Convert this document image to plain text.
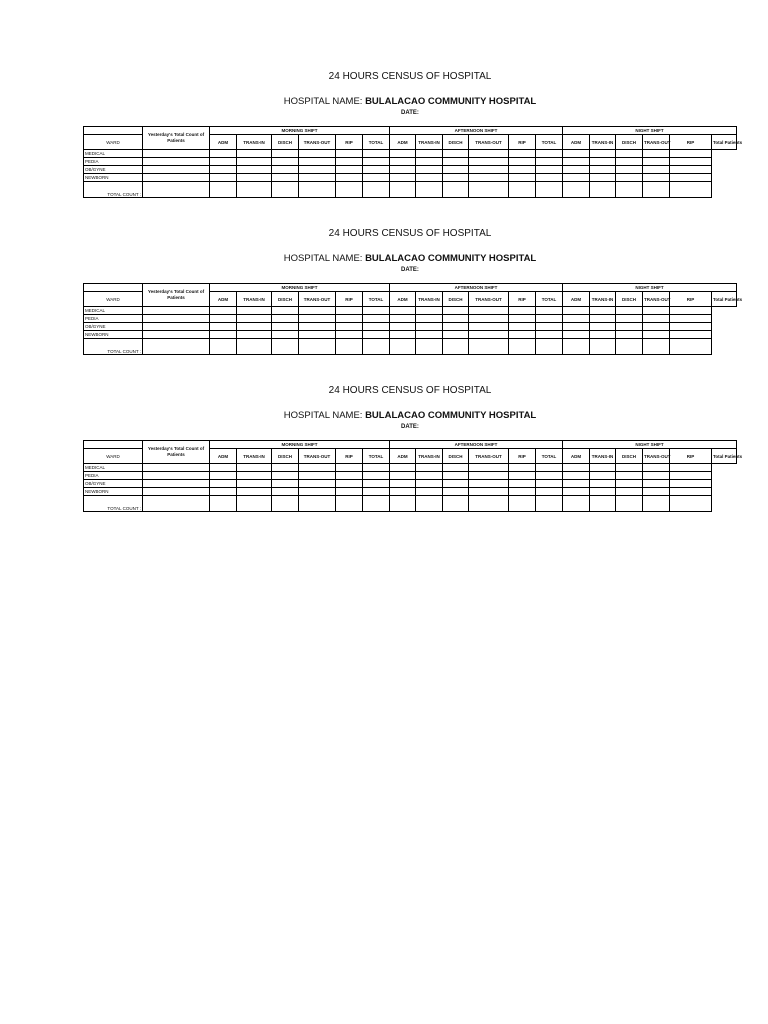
24 HOURS CENSUS OF HOSPITAL
HOSPITAL NAME: BULALACAO COMMUNITY HOSPITAL
DATE:
	Yesterday's Total Count of Patients	MORNING SHIFT						AFTERNOON SHIFT						NIGHT SHIFT					
WARD		ADM	TRANS-IN	DISCH	TRANS-OUT	RIP	TOTAL	ADM	TRANS-IN	DISCH	TRANS-OUT	RIP	TOTAL	ADM	TRANS-IN	DISCH	TRANS-OUT	RIP	Total Patients
MEDICAL																			
PEDIA																			
OB/GYNE																			
NEWBORN																			
TOTAL COUNT :																			
24 HOURS CENSUS OF HOSPITAL
HOSPITAL NAME: BULALACAO COMMUNITY HOSPITAL
DATE:
	Yesterday's Total Count of Patients	MORNING SHIFT						AFTERNOON SHIFT						NIGHT SHIFT					
WARD		ADM	TRANS-IN	DISCH	TRANS-OUT	RIP	TOTAL	ADM	TRANS-IN	DISCH	TRANS-OUT	RIP	TOTAL	ADM	TRANS-IN	DISCH	TRANS-OUT	RIP	Total Patients
MEDICAL																			
PEDIA																			
OB/GYNE																			
NEWBORN																			
TOTAL COUNT :																			
24 HOURS CENSUS OF HOSPITAL
HOSPITAL NAME: BULALACAO COMMUNITY HOSPITAL
DATE:
	Yesterday's Total Count of Patients	MORNING SHIFT						AFTERNOON SHIFT						NIGHT SHIFT					
WARD		ADM	TRANS-IN	DISCH	TRANS-OUT	RIP	TOTAL	ADM	TRANS-IN	DISCH	TRANS-OUT	RIP	TOTAL	ADM	TRANS-IN	DISCH	TRANS-OUT	RIP	Total Patients
MEDICAL																			
PEDIA																			
OB/GYNE																			
NEWBORN																			
TOTAL COUNT :																			
